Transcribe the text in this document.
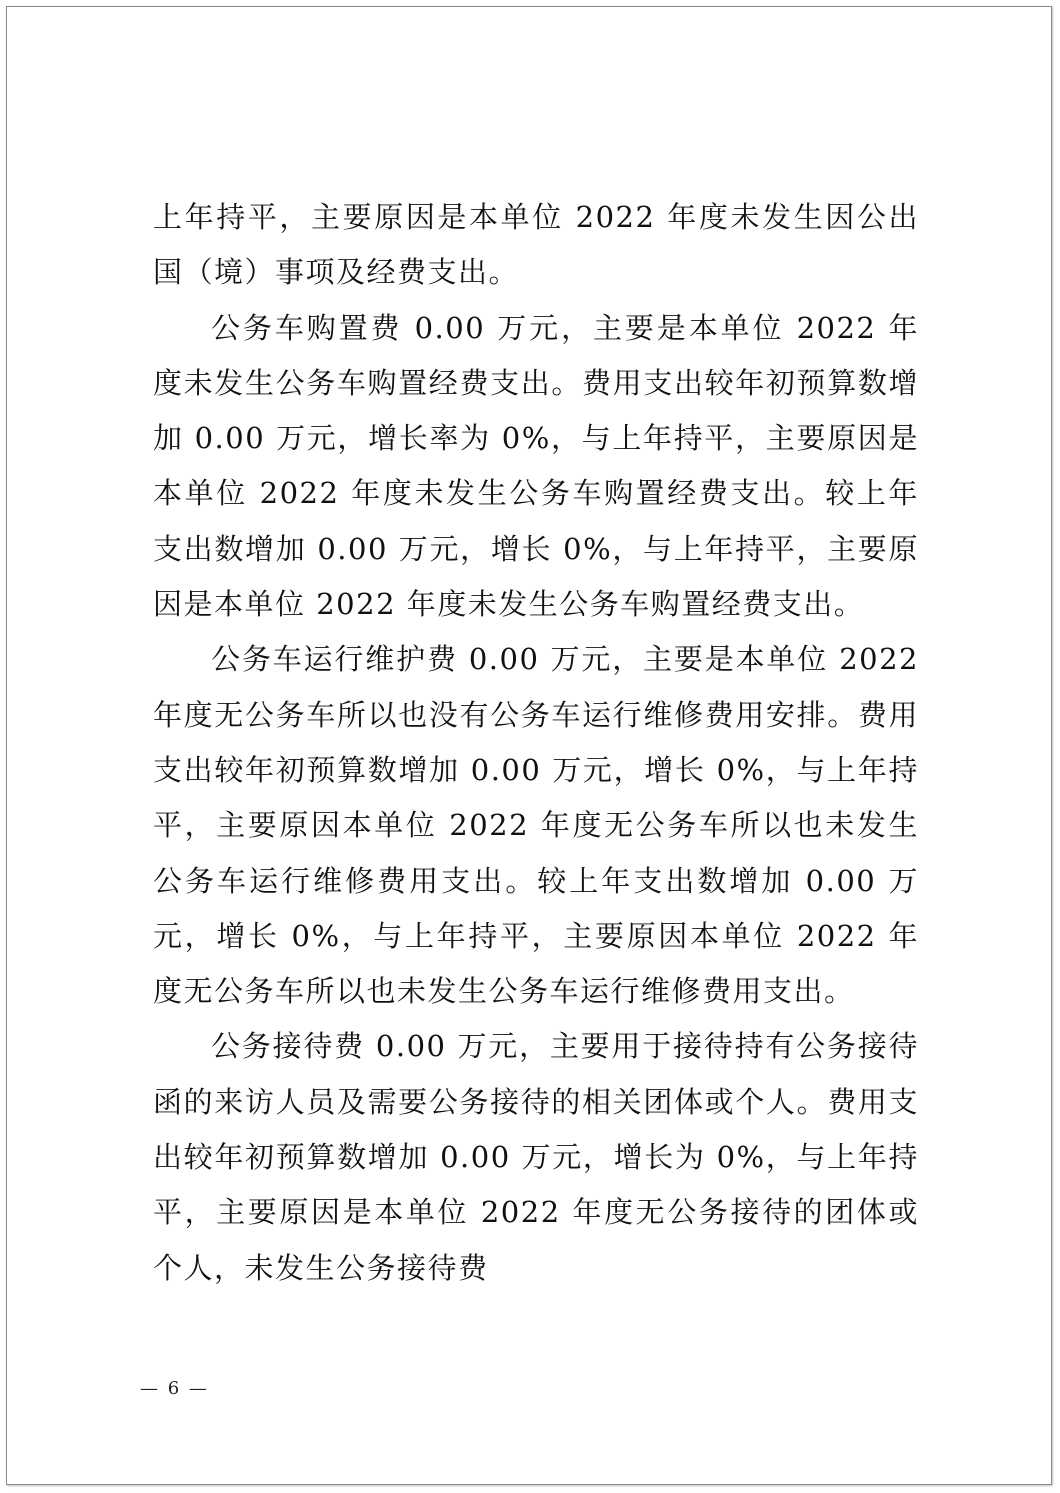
上年持平，主要原因是本单位 2022 年度未发生因公出国（境）事项及经费支出。

公务车购置费 0.00 万元，主要是本单位 2022 年度未发生公务车购置经费支出。费用支出较年初预算数增加 0.00 万元，增长率为 0%，与上年持平，主要原因是本单位 2022 年度未发生公务车购置经费支出。较上年支出数增加 0.00 万元，增长 0%，与上年持平，主要原因是本单位 2022 年度未发生公务车购置经费支出。

公务车运行维护费 0.00 万元，主要是本单位 2022 年度无公务车所以也没有公务车运行维修费用安排。费用支出较年初预算数增加 0.00 万元，增长 0%，与上年持平，主要原因本单位 2022 年度无公务车所以也未发生公务车运行维修费用支出。较上年支出数增加 0.00 万元，增长 0%，与上年持平，主要原因本单位 2022 年度无公务车所以也未发生公务车运行维修费用支出。

公务接待费 0.00 万元，主要用于接待持有公务接待函的来访人员及需要公务接待的相关团体或个人。费用支出较年初预算数增加 0.00 万元，增长为 0%，与上年持平，主要原因是本单位 2022 年度无公务接待的团体或个人，未发生公务接待费

— 6 —
